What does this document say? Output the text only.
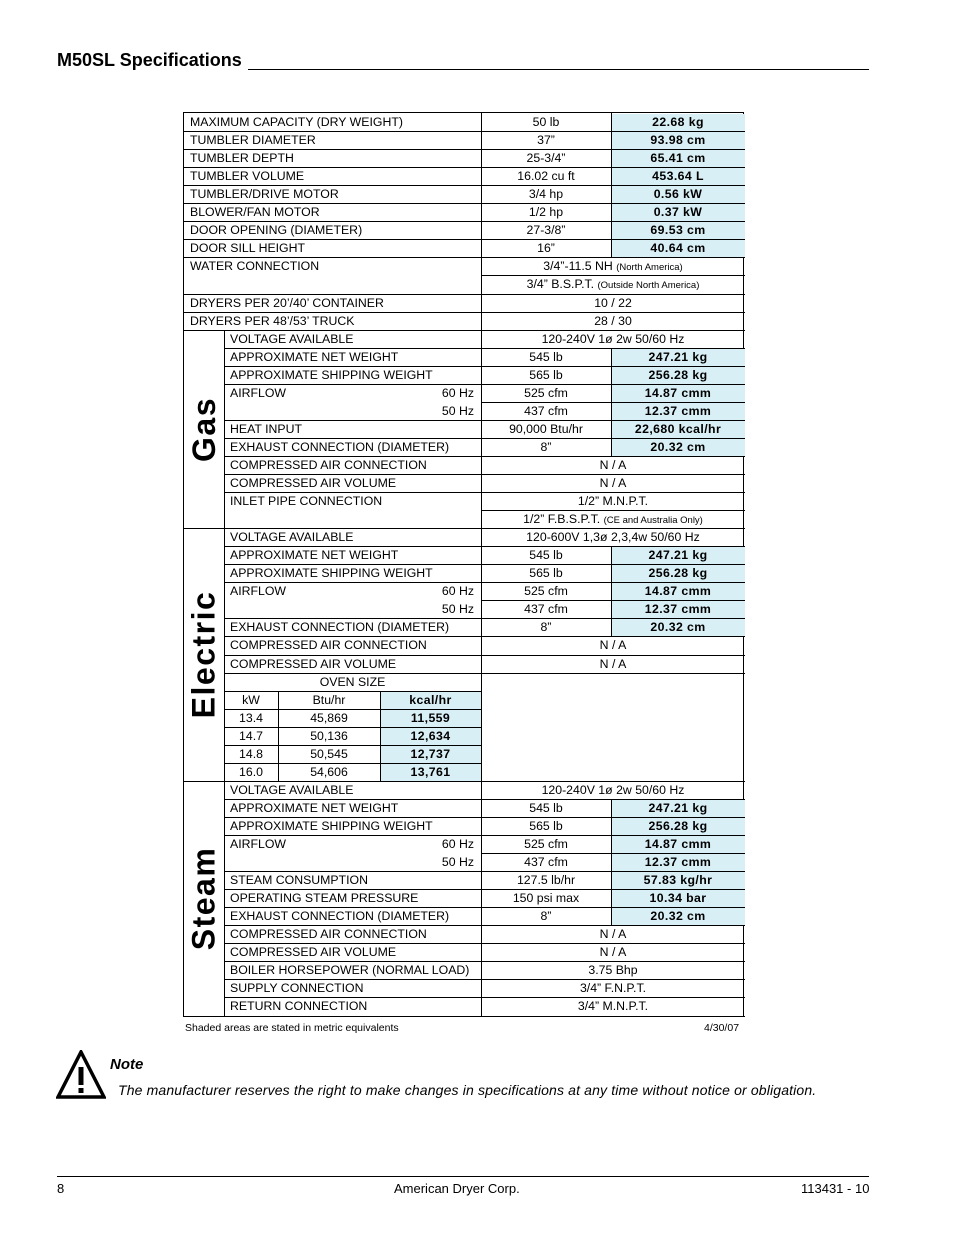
M50SL Specifications
MAXIMUM CAPACITY (DRY WEIGHT)	50 lb	22.68 kg
TUMBLER DIAMETER	37”	93.98 cm
TUMBLER DEPTH	25-3/4”	65.41 cm
TUMBLER VOLUME	16.02 cu ft	453.64 L
TUMBLER/DRIVE MOTOR	3/4 hp	0.56 kW
BLOWER/FAN MOTOR	1/2 hp	0.37 kW
DOOR OPENING (DIAMETER)	27-3/8”	69.53 cm
DOOR SILL HEIGHT	16”	40.64 cm
WATER CONNECTION	3/4”-11.5 NH (North America)
3/4” B.S.P.T. (Outside North America)
DRYERS PER 20’/40’ CONTAINER	10 / 22
DRYERS PER 48’/53’ TRUCK	28 / 30
VOLTAGE AVAILABLE	120-240V 1ø 2w 50/60 Hz
APPROXIMATE NET WEIGHT	545 lb	247.21 kg
APPROXIMATE SHIPPING WEIGHT	565 lb	256.28 kg
AIRFLOW	60 Hz	525 cfm	14.87 cmm
50 Hz	437 cfm	12.37 cmm
HEAT INPUT	90,000 Btu/hr	22,680 kcal/hr
EXHAUST CONNECTION (DIAMETER)	8”	20.32 cm
COMPRESSED AIR CONNECTION	N / A
COMPRESSED AIR VOLUME	N / A
INLET PIPE CONNECTION	1/2” M.N.P.T.
1/2” F.B.S.P.T. (CE and Australia Only)
Gas
VOLTAGE AVAILABLE	120-600V 1,3ø 2,3,4w 50/60 Hz
APPROXIMATE NET WEIGHT	545 lb	247.21 kg
APPROXIMATE SHIPPING WEIGHT	565 lb	256.28 kg
AIRFLOW	60 Hz	525 cfm	14.87 cmm
50 Hz	437 cfm	12.37 cmm
EXHAUST CONNECTION (DIAMETER)	8”	20.32 cm
COMPRESSED AIR CONNECTION	N / A
COMPRESSED AIR VOLUME	N / A
OVEN SIZE
kW	Btu/hr	kcal/hr
13.4	45,869	11,559
14.7	50,136	12,634
14.8	50,545	12,737
16.0	54,606	13,761
Electric
VOLTAGE AVAILABLE	120-240V 1ø 2w 50/60 Hz
APPROXIMATE NET WEIGHT	545 lb	247.21 kg
APPROXIMATE SHIPPING WEIGHT	565 lb	256.28 kg
AIRFLOW	60 Hz	525 cfm	14.87 cmm
50 Hz	437 cfm	12.37 cmm
STEAM CONSUMPTION	127.5 lb/hr	57.83 kg/hr
OPERATING STEAM PRESSURE	150 psi max	10.34 bar
EXHAUST CONNECTION (DIAMETER)	8”	20.32 cm
COMPRESSED AIR CONNECTION	N / A
COMPRESSED AIR VOLUME	N / A
BOILER HORSEPOWER (NORMAL LOAD)	3.75 Bhp
SUPPLY CONNECTION	3/4” F.N.P.T.
RETURN CONNECTION	3/4” M.N.P.T.
Steam
Shaded areas are stated in metric equivalents	4/30/07
Note
The manufacturer reserves the right to make changes in specifications at any time without notice or obligation.
8	American Dryer Corp.	113431 - 10
